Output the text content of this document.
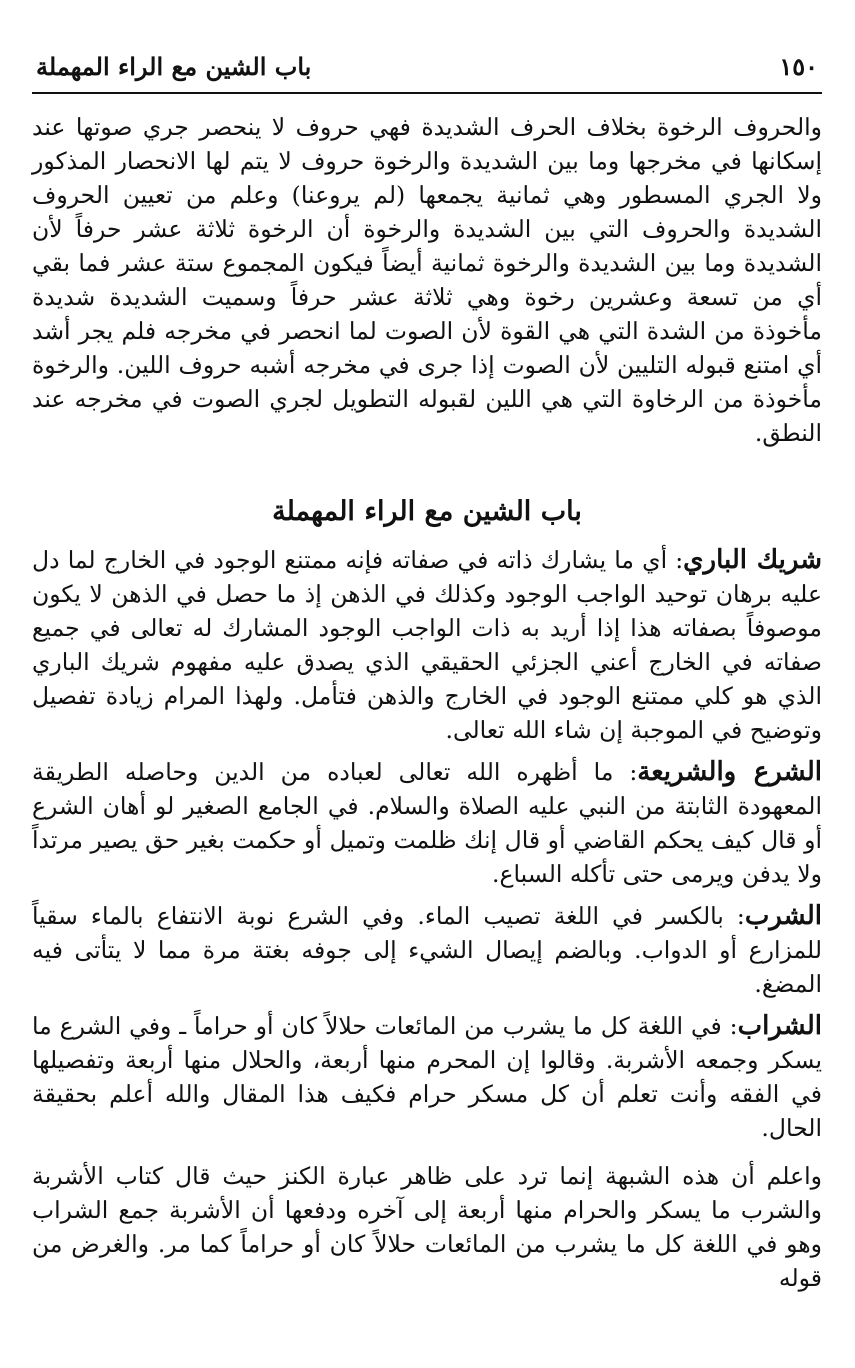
١٥٠
باب الشين مع الراء المهملة

والحروف الرخوة بخلاف الحرف الشديدة فهي حروف لا ينحصر جري صوتها عند إسكانها في مخرجها وما بين الشديدة والرخوة حروف لا يتم لها الانحصار المذكور ولا الجري المسطور وهي ثمانية يجمعها (لم يروعنا) وعلم من تعيين الحروف الشديدة والحروف التي بين الشديدة والرخوة أن الرخوة ثلاثة عشر حرفاً لأن الشديدة وما بين الشديدة والرخوة ثمانية أيضاً فيكون المجموع ستة عشر فما بقي أي من تسعة وعشرين رخوة وهي ثلاثة عشر حرفاً وسميت الشديدة شديدة مأخوذة من الشدة التي هي القوة لأن الصوت لما انحصر في مخرجه فلم يجر أشد أي امتنع قبوله التليين لأن الصوت إذا جرى في مخرجه أشبه حروف اللين. والرخوة مأخوذة من الرخاوة التي هي اللين لقبوله التطويل لجري الصوت في مخرجه عند النطق.

باب الشين مع الراء المهملة

شريك الباري: أي ما يشارك ذاته في صفاته فإنه ممتنع الوجود في الخارج لما دل عليه برهان توحيد الواجب الوجود وكذلك في الذهن إذ ما حصل في الذهن لا يكون موصوفاً بصفاته هذا إذا أريد به ذات الواجب الوجود المشارك له تعالى في جميع صفاته في الخارج أعني الجزئي الحقيقي الذي يصدق عليه مفهوم شريك الباري الذي هو كلي ممتنع الوجود في الخارج والذهن فتأمل. ولهذا المرام زيادة تفصيل وتوضيح في الموجبة إن شاء الله تعالى.

الشرع والشريعة: ما أظهره الله تعالى لعباده من الدين وحاصله الطريقة المعهودة الثابتة من النبي عليه الصلاة والسلام. في الجامع الصغير لو أهان الشرع أو قال كيف يحكم القاضي أو قال إنك ظلمت وتميل أو حكمت بغير حق يصير مرتداً ولا يدفن ويرمى حتى تأكله السباع.

الشرب: بالكسر في اللغة تصيب الماء. وفي الشرع نوبة الانتفاع بالماء سقياً للمزارع أو الدواب. وبالضم إيصال الشيء إلى جوفه بغتة مرة مما لا يتأتى فيه المضغ.

الشراب: في اللغة كل ما يشرب من المائعات حلالاً كان أو حراماً ـ وفي الشرع ما يسكر وجمعه الأشربة. وقالوا إن المحرم منها أربعة، والحلال منها أربعة وتفصيلها في الفقه وأنت تعلم أن كل مسكر حرام فكيف هذا المقال والله أعلم بحقيقة الحال.

واعلم أن هذه الشبهة إنما ترد على ظاهر عبارة الكنز حيث قال كتاب الأشربة والشرب ما يسكر والحرام منها أربعة إلى آخره ودفعها أن الأشربة جمع الشراب وهو في اللغة كل ما يشرب من المائعات حلالاً كان أو حراماً كما مر. والغرض من قوله
